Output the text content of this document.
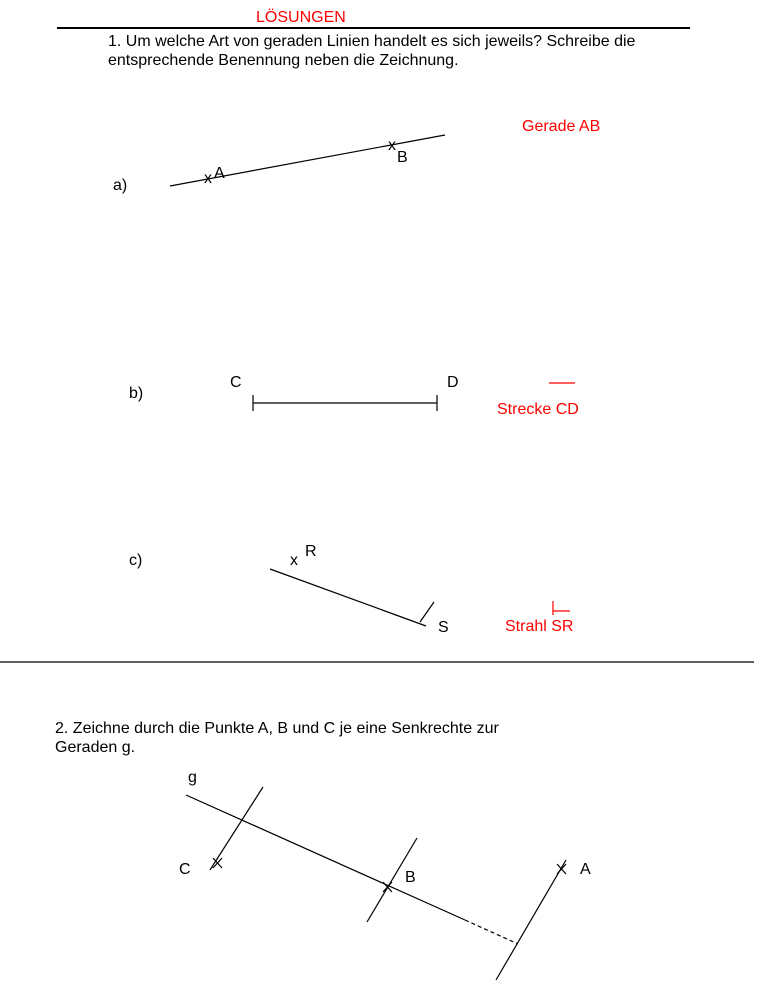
LÖSUNGEN
1. Um welche Art von geraden Linien handelt es sich jeweils? Schreibe die entsprechende Benennung neben die Zeichnung.
a)	x A
x
B
Gerade AB
b)
C	D
Strecke CD
c)	x
R
S	Strahl SR
2. Zeichne durch die Punkte A, B und C je eine Senkrechte zur Geraden g.
g
C	B	A
